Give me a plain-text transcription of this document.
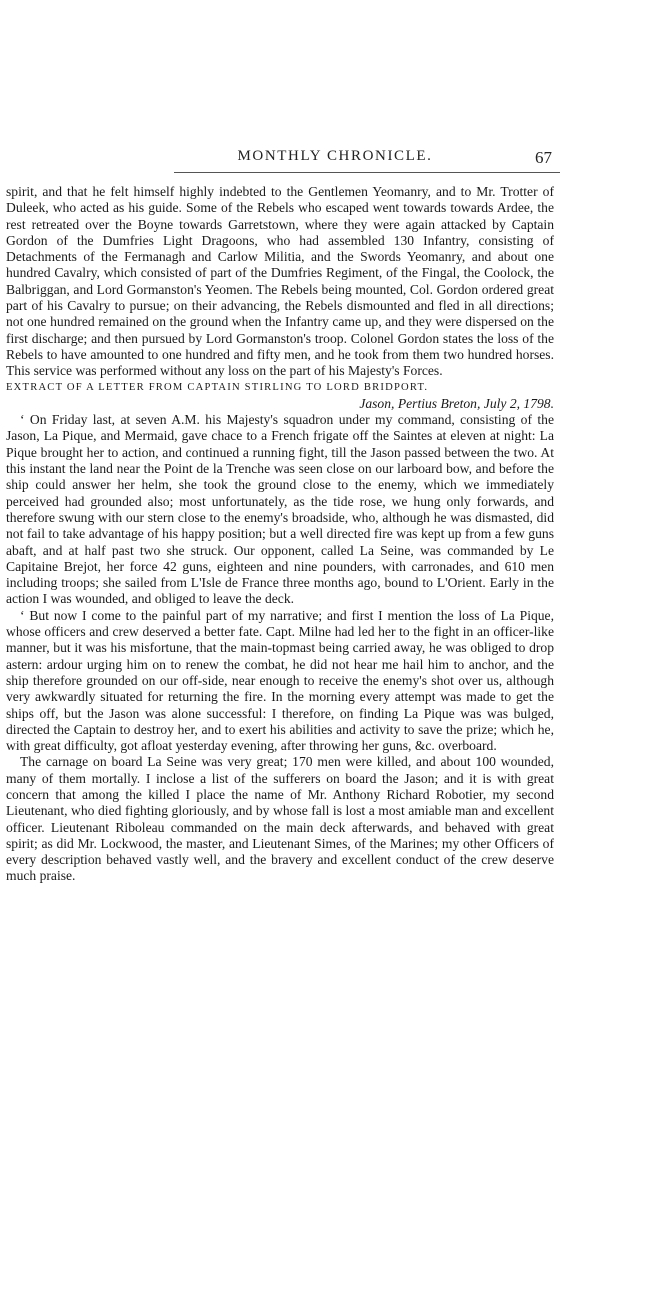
MONTHLY CHRONICLE.	67

spirit, and that he felt himself highly indebted to the Gentlemen Yeomanry, and to Mr. Trotter of Duleek, who acted as his guide. Some of the Rebels who escaped went towards towards Ardee, the rest retreated over the Boyne towards Garretstown, where they were again attacked by Captain Gordon of the Dumfries Light Dragoons, who had assembled 130 Infantry, consisting of Detachments of the Fermanagh and Carlow Militia, and the Swords Yeomanry, and about one hundred Cavalry, which consisted of part of the Dumfries Regiment, of the Fingal, the Coolock, the Balbriggan, and Lord Gormanston's Yeomen. The Rebels being mounted, Col. Gordon ordered great part of his Cavalry to pursue; on their advancing, the Rebels dismounted and fled in all directions; not one hundred remained on the ground when the Infantry came up, and they were dispersed on the first discharge; and then pursued by Lord Gormanston's troop. Colonel Gordon states the loss of the Rebels to have amounted to one hundred and fifty men, and he took from them two hundred horses. This service was performed without any loss on the part of his Majesty's Forces.

EXTRACT OF A LETTER FROM CAPTAIN STIRLING TO LORD BRIDPORT.

Jason, Pertius Breton, July 2, 1798.

‘ On Friday last, at seven A.M. his Majesty's squadron under my command, consisting of the Jason, La Pique, and Mermaid, gave chace to a French frigate off the Saintes at eleven at night: La Pique brought her to action, and continued a running fight, till the Jason passed between the two. At this instant the land near the Point de la Trenche was seen close on our larboard bow, and before the ship could answer her helm, she took the ground close to the enemy, which we immediately perceived had grounded also; most unfortunately, as the tide rose, we hung only forwards, and therefore swung with our stern close to the enemy's broadside, who, although he was dismasted, did not fail to take advantage of his happy position; but a well directed fire was kept up from a few guns abaft, and at half past two she struck. Our opponent, called La Seine, was commanded by Le Capitaine Brejot, her force 42 guns, eighteen and nine pounders, with carronades, and 610 men including troops; she sailed from L'Isle de France three months ago, bound to L'Orient. Early in the action I was wounded, and obliged to leave the deck.

‘ But now I come to the painful part of my narrative; and first I mention the loss of La Pique, whose officers and crew deserved a better fate. Capt. Milne had led her to the fight in an officer-like manner, but it was his misfortune, that the main-topmast being carried away, he was obliged to drop astern: ardour urging him on to renew the combat, he did not hear me hail him to anchor, and the ship therefore grounded on our off-side, near enough to receive the enemy's shot over us, although very awkwardly situated for returning the fire. In the morning every attempt was made to get the ships off, but the Jason was alone successful: I therefore, on finding La Pique was was bulged, directed the Captain to destroy her, and to exert his abilities and activity to save the prize; which he, with great difficulty, got afloat yesterday evening, after throwing her guns, &c. overboard.

The carnage on board La Seine was very great; 170 men were killed, and about 100 wounded, many of them mortally. I inclose a list of the sufferers on board the Jason; and it is with great concern that among the killed I place the name of Mr. Anthony Richard Robotier, my second Lieutenant, who died fighting gloriously, and by whose fall is lost a most amiable man and excellent officer. Lieutenant Riboleau commanded on the main deck afterwards, and behaved with great spirit; as did Mr. Lockwood, the master, and Lieutenant Simes, of the Marines; my other Officers of every description behaved vastly well, and the bravery and excellent conduct of the crew deserve much praise.
